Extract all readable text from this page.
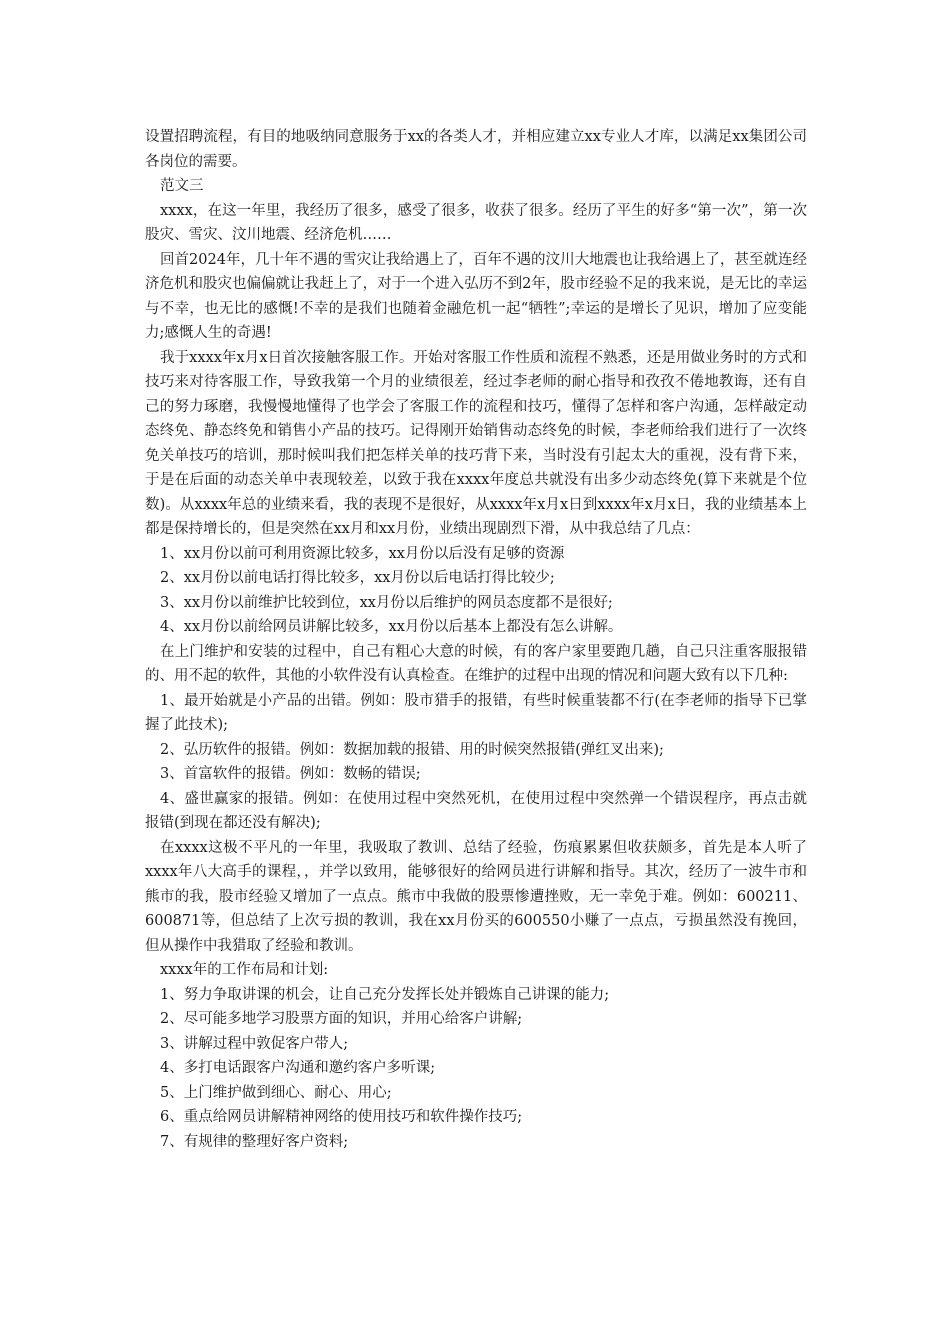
设置招聘流程，有目的地吸纳同意服务于xx的各类人才，并相应建立xx专业人才库，以满足xx集团公司各岗位的需要。

范文三

xxxx，在这一年里，我经历了很多，感受了很多，收获了很多。经历了平生的好多“第一次”，第一次股灾、雪灾、汶川地震、经济危机……

回首2024年，几十年不遇的雪灾让我给遇上了，百年不遇的汶川大地震也让我给遇上了，甚至就连经济危机和股灾也偏偏就让我赶上了，对于一个进入弘历不到2年，股市经验不足的我来说，是无比的幸运与不幸，也无比的感慨!不幸的是我们也随着金融危机一起“牺牲”;幸运的是增长了见识，增加了应变能力;感慨人生的奇遇!

我于xxxx年x月x日首次接触客服工作。开始对客服工作性质和流程不熟悉，还是用做业务时的方式和技巧来对待客服工作，导致我第一个月的业绩很差，经过李老师的耐心指导和孜孜不倦地教诲，还有自己的努力琢磨，我慢慢地懂得了也学会了客服工作的流程和技巧，懂得了怎样和客户沟通，怎样敲定动态终免、静态终免和销售小产品的技巧。记得刚开始销售动态终免的时候，李老师给我们进行了一次终免关单技巧的培训，那时候叫我们把怎样关单的技巧背下来，当时没有引起太大的重视，没有背下来，于是在后面的动态关单中表现较差，以致于我在xxxx年度总共就没有出多少动态终免(算下来就是个位数)。从xxxx年总的业绩来看，我的表现不是很好，从xxxx年x月x日到xxxx年x月x日，我的业绩基本上都是保持增长的，但是突然在xx月和xx月份，业绩出现剧烈下滑，从中我总结了几点：

1、xx月份以前可利用资源比较多，xx月份以后没有足够的资源

2、xx月份以前电话打得比较多，xx月份以后电话打得比较少;

3、xx月份以前维护比较到位，xx月份以后维护的网员态度都不是很好;

4、xx月份以前给网员讲解比较多，xx月份以后基本上都没有怎么讲解。

在上门维护和安装的过程中，自己有粗心大意的时候，有的客户家里要跑几趟，自己只注重客服报错的、用不起的软件，其他的小软件没有认真检查。在维护的过程中出现的情况和问题大致有以下几种:

1、最开始就是小产品的出错。例如：股市猎手的报错，有些时候重装都不行(在李老师的指导下已掌握了此技术);

2、弘历软件的报错。例如：数据加载的报错、用的时候突然报错(弹红叉出来);

3、首富软件的报错。例如：数畅的错误;

4、盛世赢家的报错。例如：在使用过程中突然死机，在使用过程中突然弹一个错误程序，再点击就报错(到现在都还没有解决);

在xxxx这极不平凡的一年里，我吸取了教训、总结了经验，伤痕累累但收获颇多，首先是本人听了xxxx年八大高手的课程，，并学以致用，能够很好的给网员进行讲解和指导。其次，经历了一波牛市和熊市的我，股市经验又增加了一点点。熊市中我做的股票惨遭挫败，无一幸免于难。例如：600211、600871等，但总结了上次亏损的教训，我在xx月份买的600550小赚了一点点，亏损虽然没有挽回，但从操作中我猎取了经验和教训。

xxxx年的工作布局和计划:

1、努力争取讲课的机会，让自己充分发挥长处并锻炼自己讲课的能力;

2、尽可能多地学习股票方面的知识，并用心给客户讲解;

3、讲解过程中敦促客户带人;

4、多打电话跟客户沟通和邀约客户多听课;

5、上门维护做到细心、耐心、用心;

6、重点给网员讲解精神网络的使用技巧和软件操作技巧;

7、有规律的整理好客户资料;
